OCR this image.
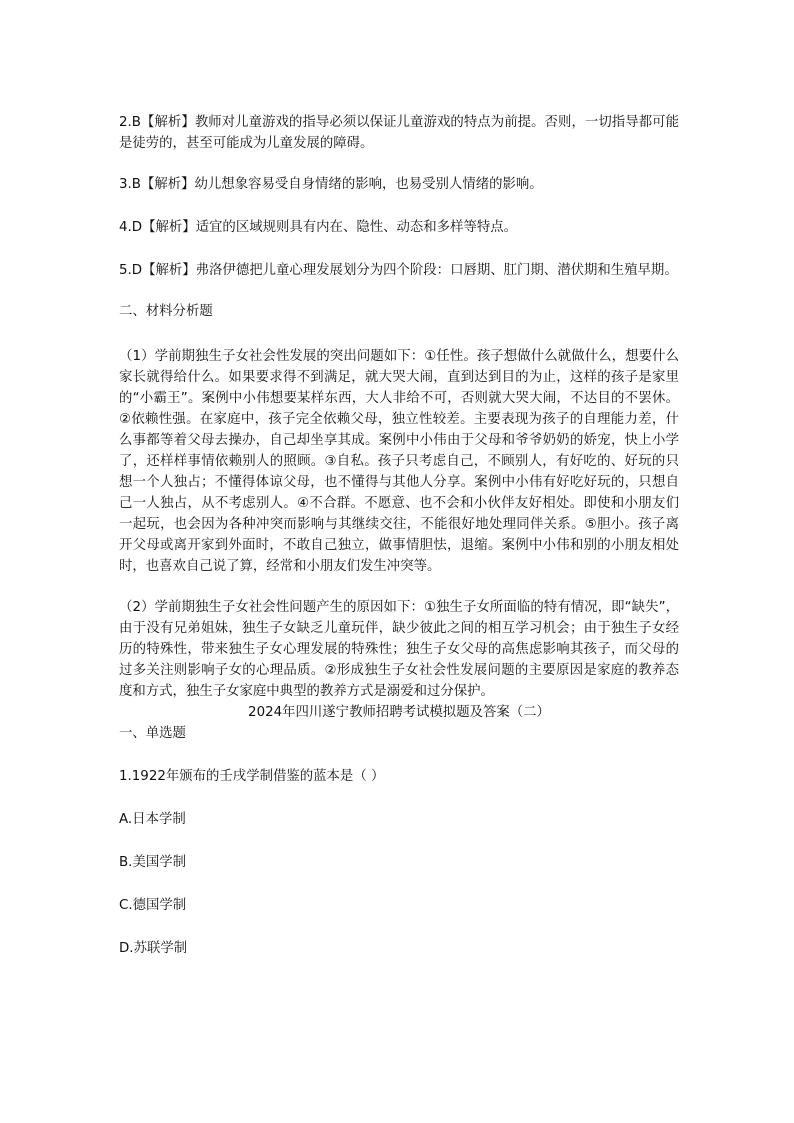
2.B【解析】教师对儿童游戏的指导必须以保证儿童游戏的特点为前提。否则，一切指导都可能是徒劳的，甚至可能成为儿童发展的障碍。

3.B【解析】幼儿想象容易受自身情绪的影响，也易受别人情绪的影响。

4.D【解析】适宜的区域规则具有内在、隐性、动态和多样等特点。

5.D【解析】弗洛伊德把儿童心理发展划分为四个阶段：口唇期、肛门期、潜伏期和生殖早期。

二、材料分析题

（1）学前期独生子女社会性发展的突出问题如下：①任性。孩子想做什么就做什么，想要什么家长就得给什么。如果要求得不到满足，就大哭大闹，直到达到目的为止，这样的孩子是家里的“小霸王”。案例中小伟想要某样东西，大人非给不可，否则就大哭大闹，不达目的不罢休。②依赖性强。在家庭中，孩子完全依赖父母，独立性较差。主要表现为孩子的自理能力差，什么事都等着父母去操办，自己却坐享其成。案例中小伟由于父母和爷爷奶奶的娇宠，快上小学了，还样样事情依赖别人的照顾。③自私。孩子只考虑自己，不顾别人，有好吃的、好玩的只想一个人独占；不懂得体谅父母，也不懂得与其他人分享。案例中小伟有好吃好玩的，只想自己一人独占，从不考虑别人。④不合群。不愿意、也不会和小伙伴友好相处。即使和小朋友们一起玩，也会因为各种冲突而影响与其继续交往，不能很好地处理同伴关系。⑤胆小。孩子离开父母或离开家到外面时，不敢自己独立，做事情胆怯，退缩。案例中小伟和别的小朋友相处时，也喜欢自己说了算，经常和小朋友们发生冲突等。

（2）学前期独生子女社会性问题产生的原因如下：①独生子女所面临的特有情况，即“缺失”，由于没有兄弟姐妹，独生子女缺乏儿童玩伴，缺少彼此之间的相互学习机会；由于独生子女经历的特殊性，带来独生子女心理发展的特殊性；独生子女父母的高焦虑影响其孩子，而父母的过多关注则影响子女的心理品质。②形成独生子女社会性发展问题的主要原因是家庭的教养态度和方式，独生子女家庭中典型的教养方式是溺爱和过分保护。

2024年四川遂宁教师招聘考试模拟题及答案（二）

一、单选题

1.1922年颁布的壬戌学制借鉴的蓝本是（ ）

A.日本学制

B.美国学制

C.德国学制

D.苏联学制
